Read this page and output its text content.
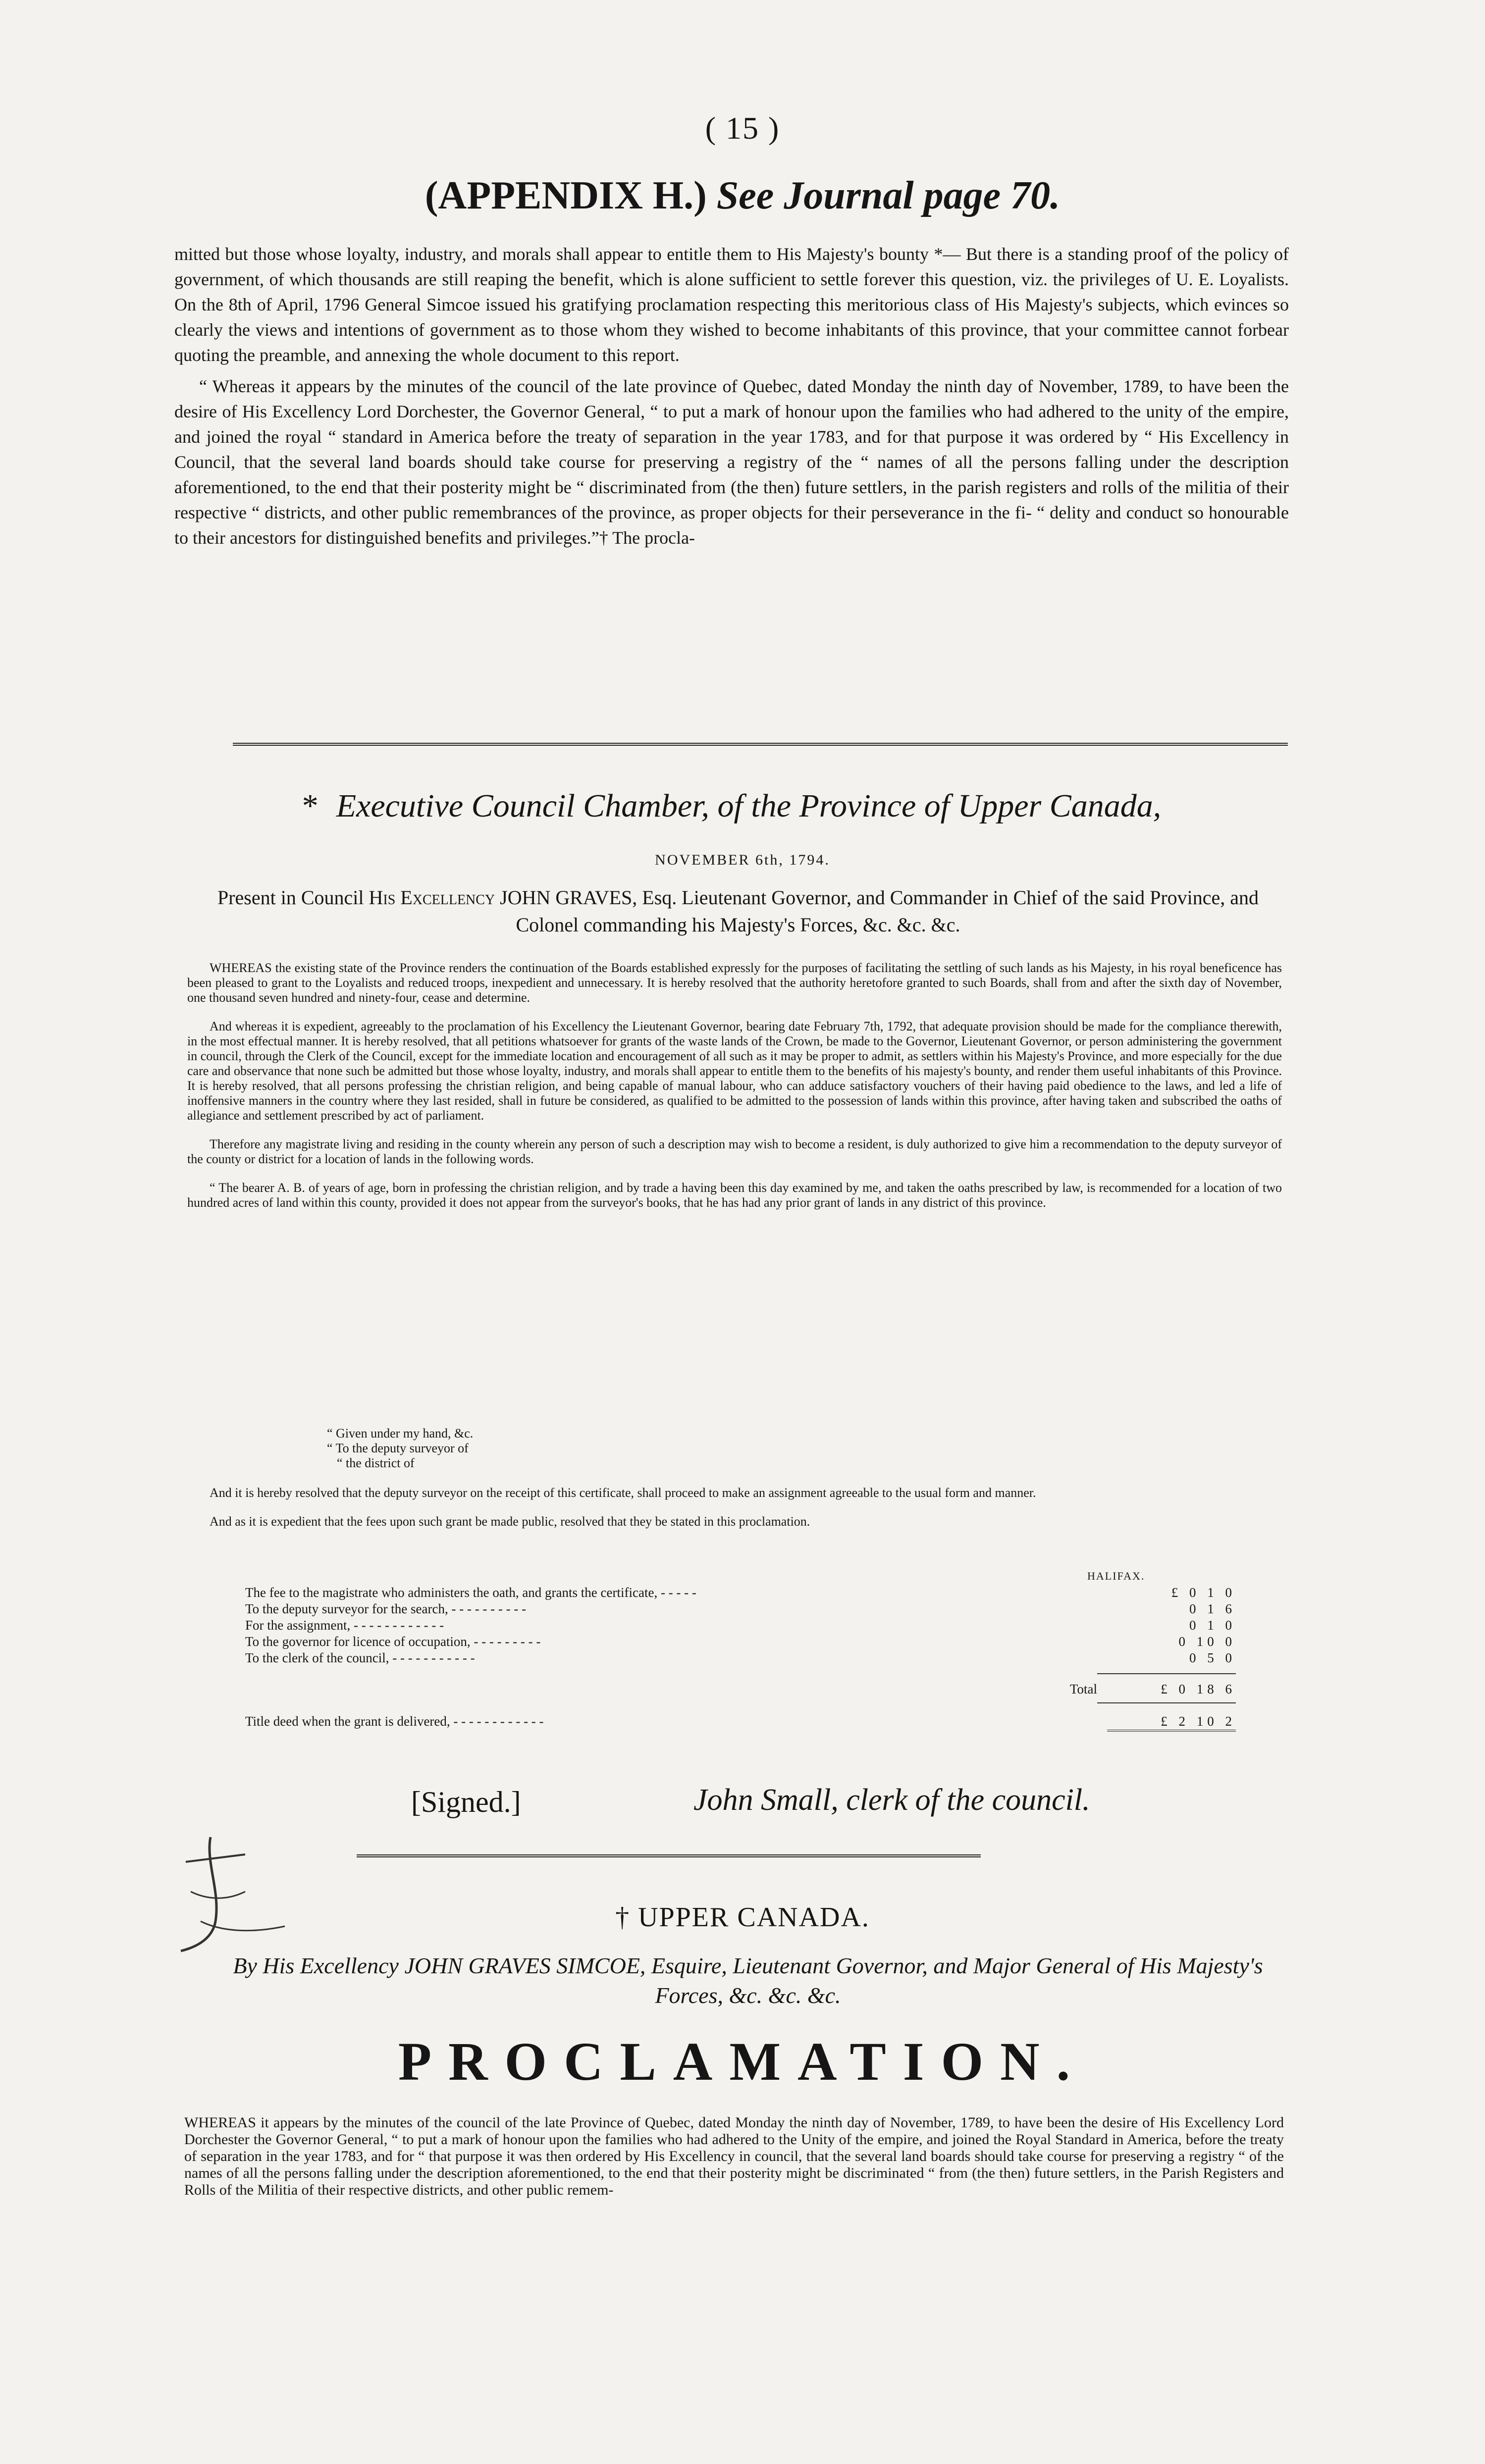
( 15 )
(APPENDIX H.) See Journal page 70.

mitted but those whose loyalty, industry, and morals shall appear to entitle them to His Majesty's bounty *— But there is a standing proof of the policy of government, of which thousands are still reaping the benefit, which is alone sufficient to settle forever this question, viz. the privileges of U. E. Loyalists. On the 8th of April, 1796 General Simcoe issued his gratifying proclamation respecting this meritorious class of His Majesty's subjects, which evinces so clearly the views and intentions of government as to those whom they wished to become inhabitants of this province, that your committee cannot forbear quoting the preamble, and annexing the whole document to this report.

“ Whereas it appears by the minutes of the council of the late province of Quebec, dated Monday the ninth day of November, 1789, to have been the desire of His Excellency Lord Dorchester, the Governor General, “ to put a mark of honour upon the families who had adhered to the unity of the empire, and joined the royal “ standard in America before the treaty of separation in the year 1783, and for that purpose it was ordered by “ His Excellency in Council, that the several land boards should take course for preserving a registry of the “ names of all the persons falling under the description aforementioned, to the end that their posterity might be “ discriminated from (the then) future settlers, in the parish registers and rolls of the militia of their respective “ districts, and other public remembrances of the province, as proper objects for their perseverance in the fi- “ delity and conduct so honourable to their ancestors for distinguished benefits and privileges.”† The procla-

* Executive Council Chamber, of the Province of Upper Canada,
NOVEMBER 6th, 1794.
Present in Council His Excellency JOHN GRAVES, Esq. Lieutenant Governor, and Commander in Chief of the said Province, and Colonel commanding his Majesty's Forces, &c. &c. &c.

WHEREAS the existing state of the Province renders the continuation of the Boards established expressly for the purposes of facilitating the settling of such lands as his Majesty, in his royal beneficence has been pleased to grant to the Loyalists and reduced troops, inexpedient and unnecessary. It is hereby resolved that the authority heretofore granted to such Boards, shall from and after the sixth day of November, one thousand seven hundred and ninety-four, cease and determine.

And whereas it is expedient, agreeably to the proclamation of his Excellency the Lieutenant Governor, bearing date February 7th, 1792, that adequate provision should be made for the compliance therewith, in the most effectual manner. It is hereby resolved, that all petitions whatsoever for grants of the waste lands of the Crown, be made to the Governor, Lieutenant Governor, or person administering the government in council, through the Clerk of the Council, except for the immediate location and encouragement of all such as it may be proper to admit, as settlers within his Majesty's Province, and more especially for the due care and observance that none such be admitted but those whose loyalty, industry, and morals shall appear to entitle them to the benefits of his majesty's bounty, and render them useful inhabitants of this Province. It is hereby resolved, that all persons professing the christian religion, and being capable of manual labour, who can adduce satisfactory vouchers of their having paid obedience to the laws, and led a life of inoffensive manners in the country where they last resided, shall in future be considered, as qualified to be admitted to the possession of lands within this province, after having taken and subscribed the oaths of allegiance and settlement prescribed by act of parliament.

Therefore any magistrate living and residing in the county wherein any person of such a description may wish to become a resident, is duly authorized to give him a recommendation to the deputy surveyor of the county or district for a location of lands in the following words.

“ The bearer A. B. of years of age, born in professing the christian religion, and by trade a having been this day examined by me, and taken the oaths prescribed by law, is recommended for a location of two hundred acres of land within this county, provided it does not appear from the surveyor's books, that he has had any prior grant of lands in any district of this province.

“ Given under my hand, &c.
“ To the deputy surveyor of
“ the district of

And it is hereby resolved that the deputy surveyor on the receipt of this certificate, shall proceed to make an assignment agreeable to the usual form and manner.

And as it is expedient that the fees upon such grant be made public, resolved that they be stated in this proclamation.

HALIFAX.
The fee to the magistrate who administers the oath, and grants the certificate, - - - - -	£ 0 1 0
To the deputy surveyor for the search, - - - - - - - - - -	0 1 6
For the assignment, - - - - - - - - - - - -	0 1 0
To the governor for licence of occupation, - - - - - - - - -	0 10 0
To the clerk of the council, - - - - - - - - - - -	0 5 0
Total	£ 0 18 6
Title deed when the grant is delivered, - - - - - - - - - - - -	£ 2 10 2
[Signed.]	John Small, clerk of the council.
† UPPER CANADA.
By His Excellency JOHN GRAVES SIMCOE, Esquire, Lieutenant Governor, and Major General of His Majesty's Forces, &c. &c. &c.
PROCLAMATION.
WHEREAS it appears by the minutes of the council of the late Province of Quebec, dated Monday the ninth day of November, 1789, to have been the desire of His Excellency Lord Dorchester the Governor General, “ to put a mark of honour upon the families who had adhered to the Unity of the empire, and joined the Royal Standard in America, before the treaty of separation in the year 1783, and for “ that purpose it was then ordered by His Excellency in council, that the several land boards should take course for preserving a registry “ of the names of all the persons falling under the description aforementioned, to the end that their posterity might be discriminated “ from (the then) future settlers, in the Parish Registers and Rolls of the Militia of their respective districts, and other public remem-
